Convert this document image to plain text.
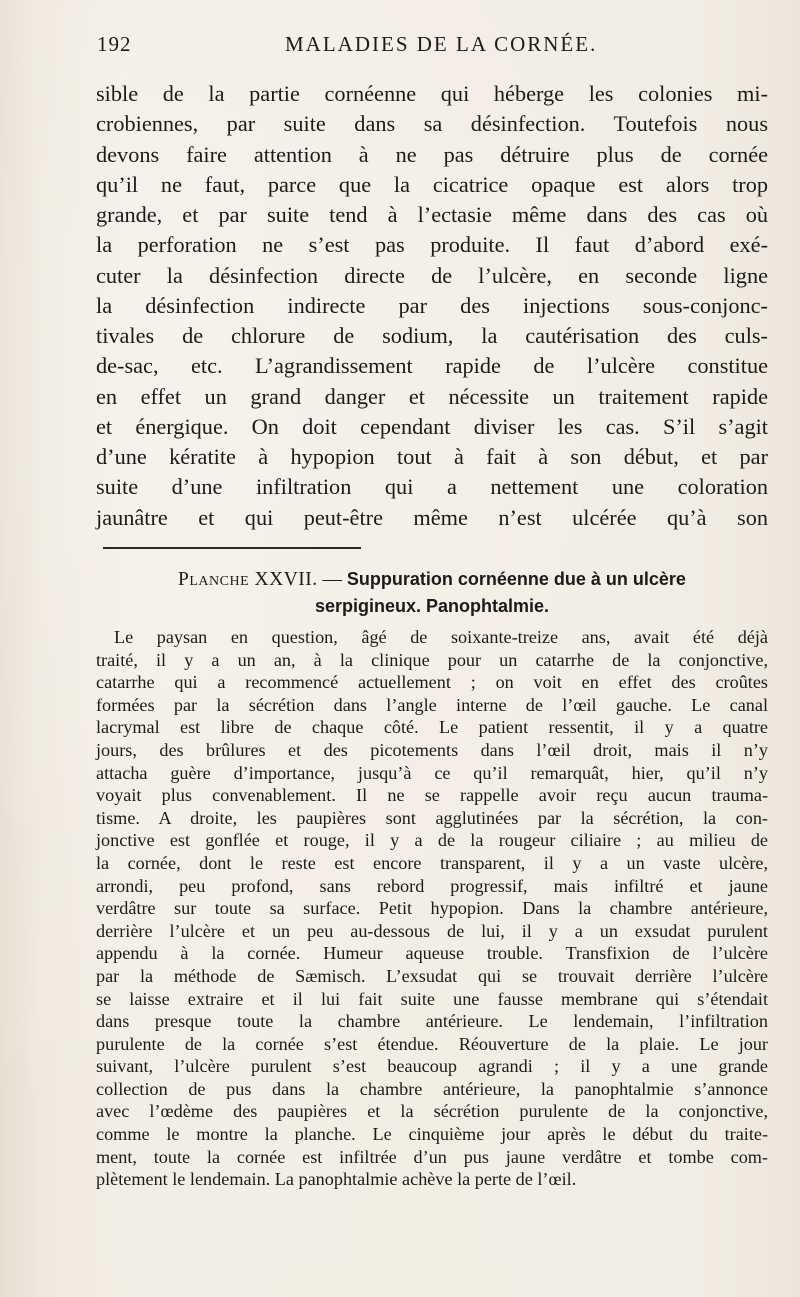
192	MALADIES DE LA CORNÉE.
sible de la partie cornéenne qui héberge les colonies mi-
crobiennes, par suite dans sa désinfection. Toutefois nous
devons faire attention à ne pas détruire plus de cornée
qu’il ne faut, parce que la cicatrice opaque est alors trop
grande, et par suite tend à l’ectasie même dans des cas où
la perforation ne s’est pas produite. Il faut d’abord exé-
cuter la désinfection directe de l’ulcère, en seconde ligne
la désinfection indirecte par des injections sous-conjonc-
tivales de chlorure de sodium, la cautérisation des culs-
de-sac, etc. L’agrandissement rapide de l’ulcère constitue
en effet un grand danger et nécessite un traitement rapide
et énergique. On doit cependant diviser les cas. S’il s’agit
d’une kératite à hypopion tout à fait à son début, et par
suite d’une infiltration qui a nettement une coloration
jaunâtre et qui peut-être même n’est ulcérée qu’à son
Planche XXVII. — Suppuration cornéenne due à un ulcère
serpigineux. Panophtalmie.
Le paysan en question, âgé de soixante-treize ans, avait été déjà
traité, il y a un an, à la clinique pour un catarrhe de la conjonctive,
catarrhe qui a recommencé actuellement ; on voit en effet des croûtes
formées par la sécrétion dans l’angle interne de l’œil gauche. Le canal
lacrymal est libre de chaque côté. Le patient ressentit, il y a quatre
jours, des brûlures et des picotements dans l’œil droit, mais il n’y
attacha guère d’importance, jusqu’à ce qu’il remarquât, hier, qu’il n’y
voyait plus convenablement. Il ne se rappelle avoir reçu aucun trauma-
tisme. A droite, les paupières sont agglutinées par la sécrétion, la con-
jonctive est gonflée et rouge, il y a de la rougeur ciliaire ; au milieu de
la cornée, dont le reste est encore transparent, il y a un vaste ulcère,
arrondi, peu profond, sans rebord progressif, mais infiltré et jaune
verdâtre sur toute sa surface. Petit hypopion. Dans la chambre antérieure,
derrière l’ulcère et un peu au-dessous de lui, il y a un exsudat purulent
appendu à la cornée. Humeur aqueuse trouble. Transfixion de l’ulcère
par la méthode de Sæmisch. L’exsudat qui se trouvait derrière l’ulcère
se laisse extraire et il lui fait suite une fausse membrane qui s’étendait
dans presque toute la chambre antérieure. Le lendemain, l’infiltration
purulente de la cornée s’est étendue. Réouverture de la plaie. Le jour
suivant, l’ulcère purulent s’est beaucoup agrandi ; il y a une grande
collection de pus dans la chambre antérieure, la panophtalmie s’annonce
avec l’œdème des paupières et la sécrétion purulente de la conjonctive,
comme le montre la planche. Le cinquième jour après le début du traite-
ment, toute la cornée est infiltrée d’un pus jaune verdâtre et tombe com-
plètement le lendemain. La panophtalmie achève la perte de l’œil.
